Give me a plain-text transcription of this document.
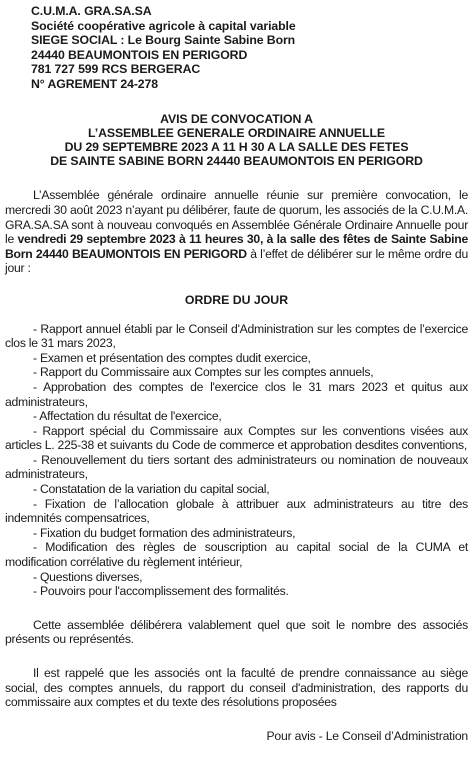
C.U.M.A. GRA.SA.SA
Société coopérative agricole à capital variable
SIEGE SOCIAL : Le Bourg Sainte Sabine Born
24440 BEAUMONTOIS EN PERIGORD
781 727 599 RCS BERGERAC
N° AGREMENT 24-278
AVIS DE CONVOCATION A
L’ASSEMBLEE GENERALE ORDINAIRE ANNUELLE
DU 29 SEPTEMBRE 2023 A 11 H 30 A LA SALLE DES FETES
DE SAINTE SABINE BORN 24440 BEAUMONTOIS EN PERIGORD

L’Assemblée générale ordinaire annuelle réunie sur première convocation, le mercredi 30 août 2023 n’ayant pu délibérer, faute de quorum, les associés de la C.U.M.A. GRA.SA.SA sont à nouveau convoqués en Assemblée Générale Ordinaire Annuelle pour le vendredi 29 septembre 2023 à 11 heures 30, à la salle des fêtes de Sainte Sabine Born 24440 BEAUMONTOIS EN PERIGORD à l’effet de délibérer sur le même ordre du jour :

ORDRE DU JOUR

- Rapport annuel établi par le Conseil d'Administration sur les comptes de l’exercice clos le 31 mars 2023,

- Examen et présentation des comptes dudit exercice,

- Rapport du Commissaire aux Comptes sur les comptes annuels,

- Approbation des comptes de l'exercice clos le 31 mars 2023 et quitus aux administrateurs,

- Affectation du résultat de l'exercice,

- Rapport spécial du Commissaire aux Comptes sur les conventions visées aux articles L. 225-38 et suivants du Code de commerce et approbation desdites conventions,

- Renouvellement du tiers sortant des administrateurs ou nomination de nouveaux administrateurs,

- Constatation de la variation du capital social,

- Fixation de l’allocation globale à attribuer aux administrateurs au titre des indemnités compensatrices,

- Fixation du budget formation des administrateurs,

- Modification des règles de souscription au capital social de la CUMA et modification corrélative du règlement intérieur,

- Questions diverses,

- Pouvoirs pour l'accomplissement des formalités.

Cette assemblée délibérera valablement quel que soit le nombre des associés présents ou représentés.

Il est rappelé que les associés ont la faculté de prendre connaissance au siège social, des comptes annuels, du rapport du conseil d'administration, des rapports du commissaire aux comptes et du texte des résolutions proposées

Pour avis - Le Conseil d’Administration
